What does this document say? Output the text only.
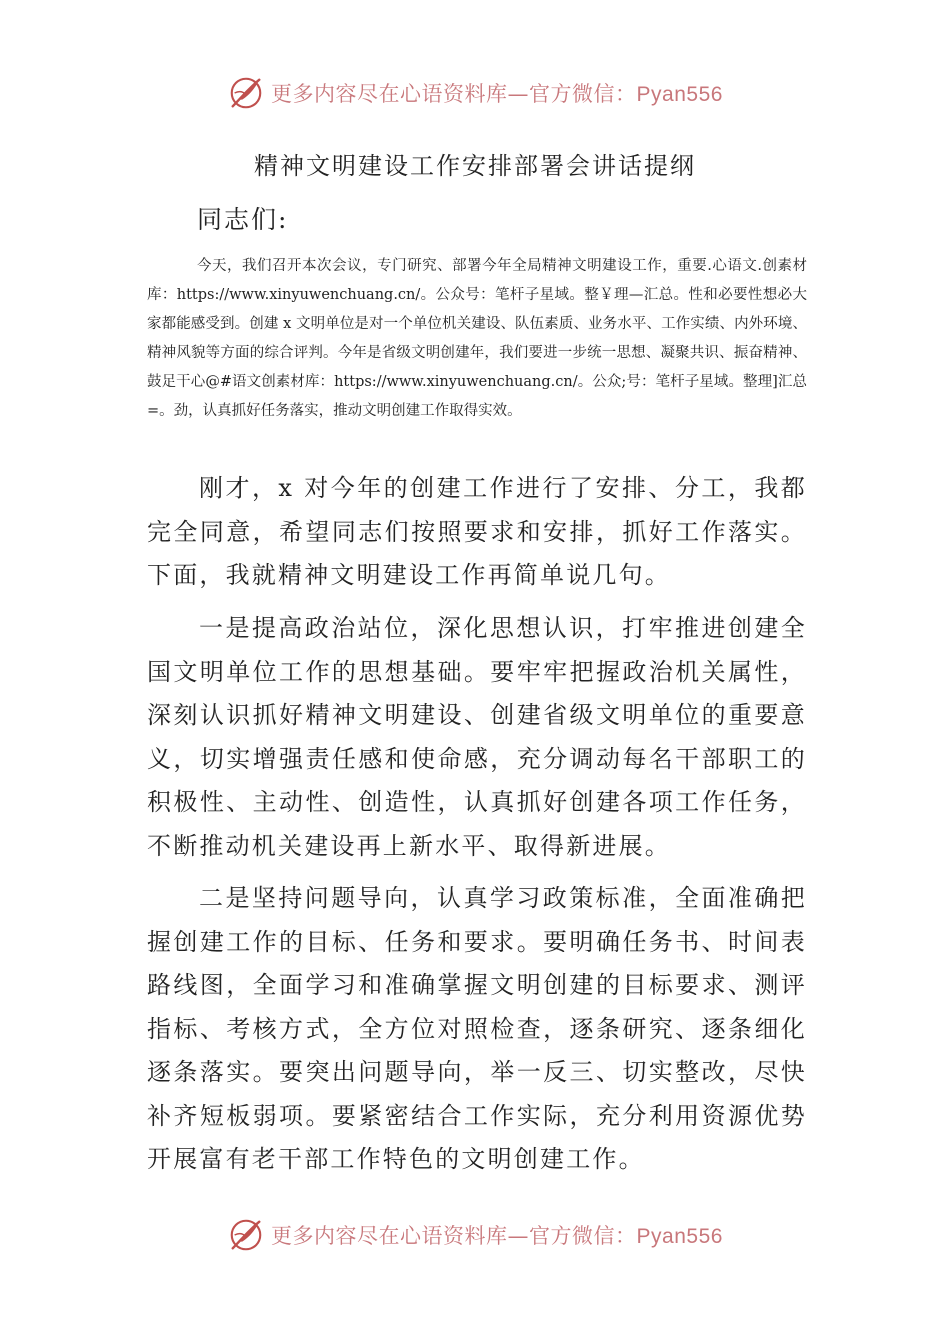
更多内容尽在心语资料库—官方微信：Pyan556
精神文明建设工作安排部署会讲话提纲
同志们:
今天，我们召开本次会议，专门研究、部署今年全局精神文明建设工作，重要.心语文.创素材库：https://www.xinyuwenchuang.cn/。公众号：笔杆子星域。整￥理—汇总。性和必要性想必大家都能感受到。创建 x 文明单位是对一个单位机关建设、队伍素质、业务水平、工作实绩、内外环境、精神风貌等方面的综合评判。今年是省级文明创建年，我们要进一步统一思想、凝聚共识、振奋精神、鼓足干心@#语文创素材库：https://www.xinyuwenchuang.cn/。公众;号：笔杆子星域。整理]汇总=。劲，认真抓好任务落实，推动文明创建工作取得实效。
刚才，x 对今年的创建工作进行了安排、分工，我都完全同意，希望同志们按照要求和安排，抓好工作落实。下面，我就精神文明建设工作再简单说几句。
一是提高政治站位，深化思想认识，打牢推进创建全国文明单位工作的思想基础。要牢牢把握政治机关属性，深刻认识抓好精神文明建设、创建省级文明单位的重要意义，切实增强责任感和使命感，充分调动每名干部职工的积极性、主动性、创造性，认真抓好创建各项工作任务，不断推动机关建设再上新水平、取得新进展。
二是坚持问题导向，认真学习政策标准，全面准确把握创建工作的目标、任务和要求。要明确任务书、时间表路线图，全面学习和准确掌握文明创建的目标要求、测评指标、考核方式，全方位对照检查，逐条研究、逐条细化逐条落实。要突出问题导向，举一反三、切实整改，尽快补齐短板弱项。要紧密结合工作实际，充分利用资源优势开展富有老干部工作特色的文明创建工作。
更多内容尽在心语资料库—官方微信：Pyan556
